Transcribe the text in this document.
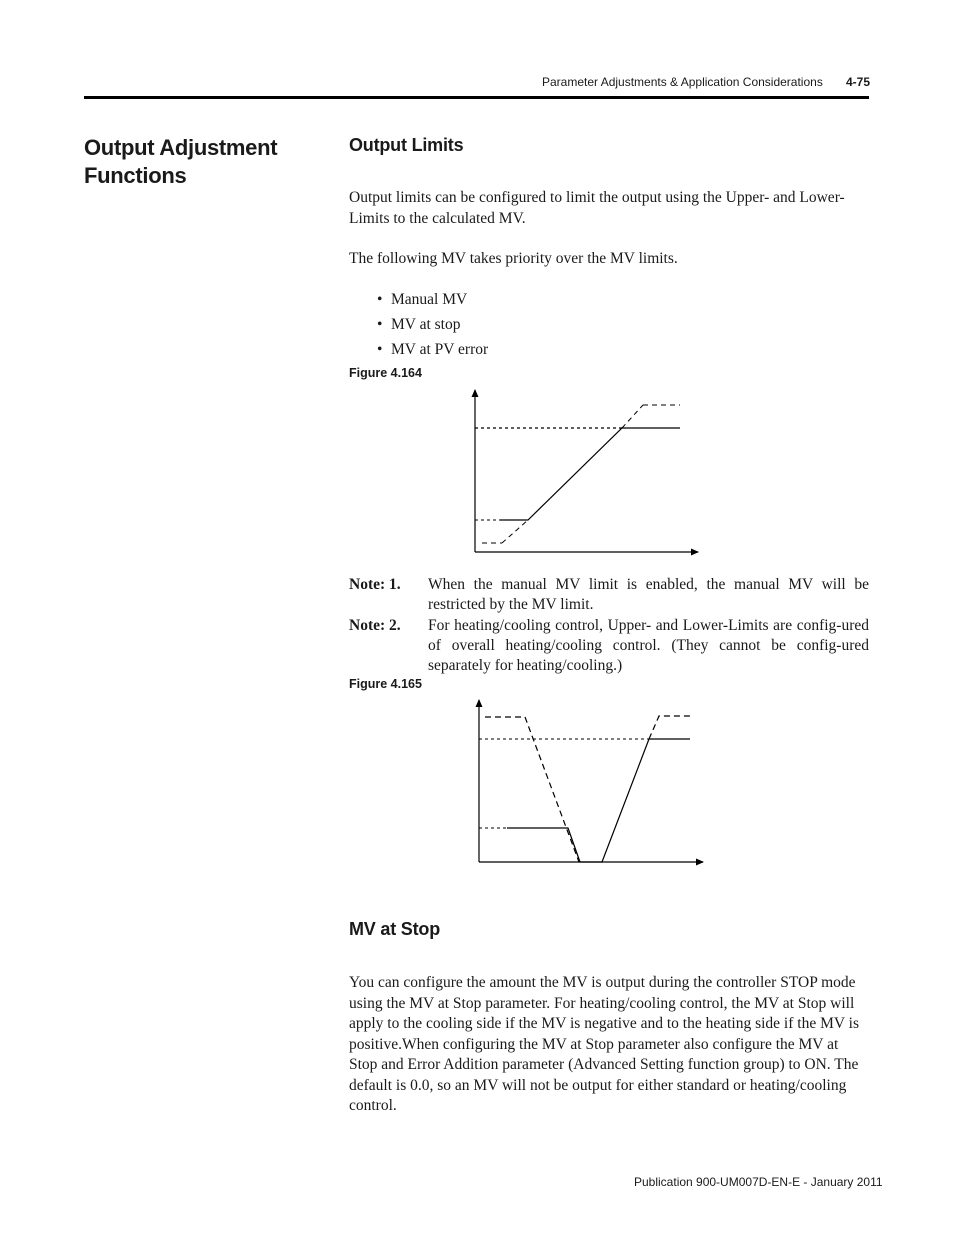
Parameter Adjustments & Application Considerations 4-75
Output Adjustment Functions
Output Limits
Output limits can be configured to limit the output using the Upper- and Lower-Limits to the calculated MV.
The following MV takes priority over the MV limits.
• Manual MV
• MV at stop
• MV at PV error
Figure 4.164
Note: 1. When the manual MV limit is enabled, the manual MV will be restricted by the MV limit.
Note: 2. For heating/cooling control, Upper- and Lower-Limits are config-ured of overall heating/cooling control. (They cannot be config-ured separately for heating/cooling.)
Figure 4.165
MV at Stop
You can configure the amount the MV is output during the controller STOP mode using the MV at Stop parameter. For heating/cooling control, the MV at Stop will apply to the cooling side if the MV is negative and to the heating side if the MV is positive.When configuring the MV at Stop parameter also configure the MV at Stop and Error Addition parameter (Advanced Setting function group) to ON. The default is 0.0, so an MV will not be output for either standard or heating/cooling control.
Publication 900-UM007D-EN-E - January 2011
